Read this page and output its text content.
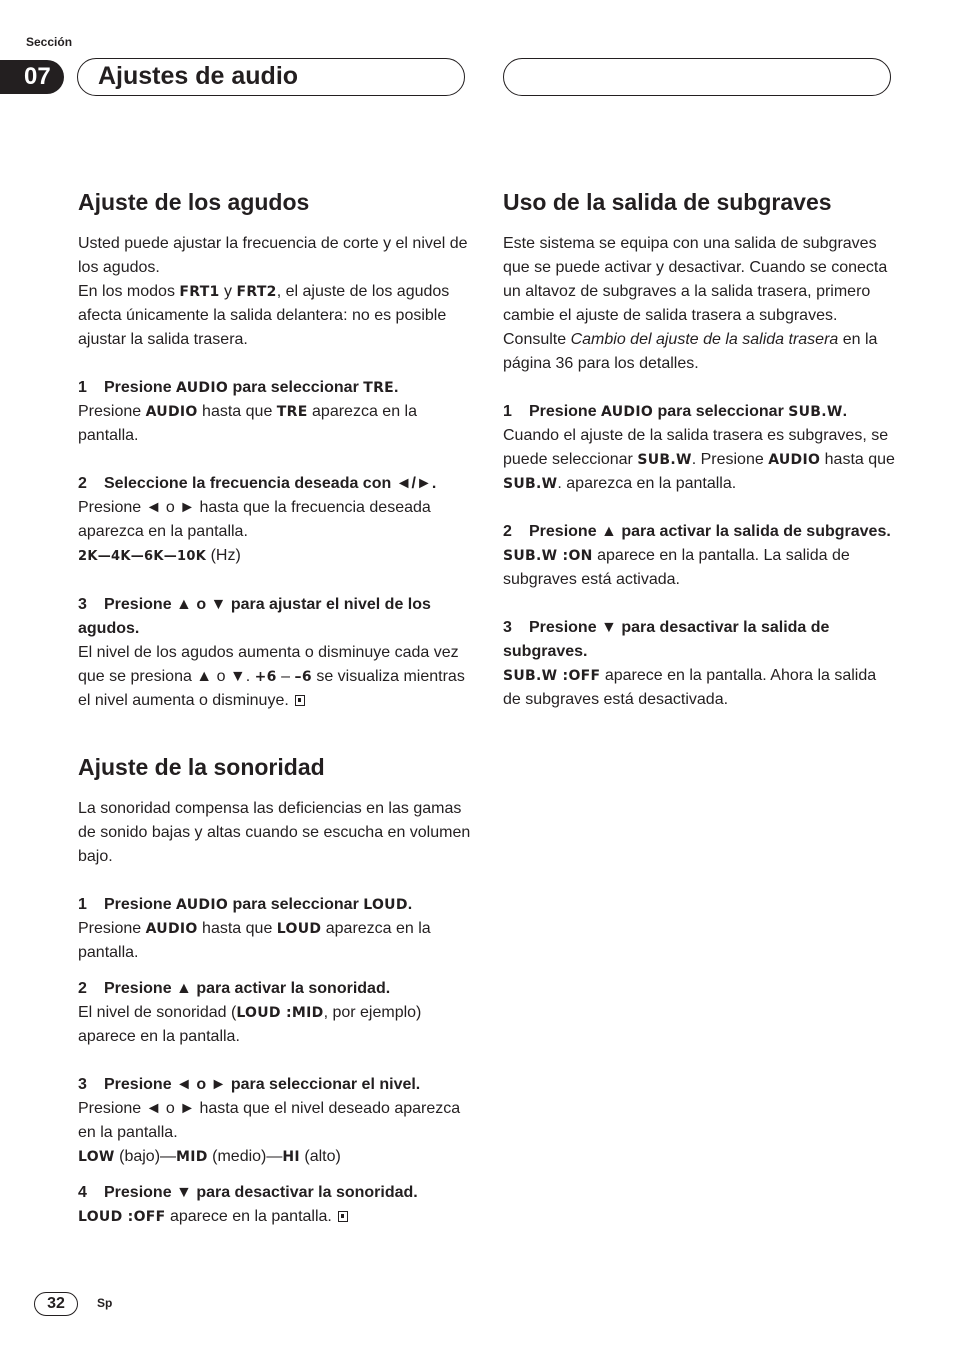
Sección
07	Ajustes de audio
Ajuste de los agudos

Usted puede ajustar la frecuencia de corte y el nivel de los agudos.
En los modos FRT1 y FRT2, el ajuste de los agudos afecta únicamente la salida delantera: no es posible ajustar la salida trasera.

1 Presione AUDIO para seleccionar TRE.

Presione AUDIO hasta que TRE aparezca en la pantalla.

2 Seleccione la frecuencia deseada con ◄/►.

Presione ◄ o ► hasta que la frecuencia deseada aparezca en la pantalla.

2K—4K—6K—10K (Hz)

3 Presione ▲ o ▼ para ajustar el nivel de los agudos.

El nivel de los agudos aumenta o disminuye cada vez que se presiona ▲ o ▼. +6 – –6 se visualiza mientras el nivel aumenta o disminuye.

Ajuste de la sonoridad

La sonoridad compensa las deficiencias en las gamas de sonido bajas y altas cuando se escucha en volumen bajo.

1 Presione AUDIO para seleccionar LOUD.

Presione AUDIO hasta que LOUD aparezca en la pantalla.

2 Presione ▲ para activar la sonoridad.

El nivel de sonoridad (LOUD :MID, por ejemplo) aparece en la pantalla.

3 Presione ◄ o ► para seleccionar el nivel.

Presione ◄ o ► hasta que el nivel deseado aparezca en la pantalla.

LOW (bajo)—MID (medio)—HI (alto)

4 Presione ▼ para desactivar la sonoridad.

LOUD :OFF aparece en la pantalla.

Uso de la salida de subgraves

Este sistema se equipa con una salida de subgraves que se puede activar y desactivar. Cuando se conecta un altavoz de subgraves a la salida trasera, primero cambie el ajuste de salida trasera a subgraves. Consulte Cambio del ajuste de la salida trasera en la página 36 para los detalles.

1 Presione AUDIO para seleccionar SUB.W.

Cuando el ajuste de la salida trasera es subgraves, se puede seleccionar SUB.W. Presione AUDIO hasta que SUB.W. aparezca en la pantalla.

2 Presione ▲ para activar la salida de subgraves.

SUB.W :ON aparece en la pantalla. La salida de subgraves está activada.

3 Presione ▼ para desactivar la salida de subgraves.

SUB.W :OFF aparece en la pantalla. Ahora la salida de subgraves está desactivada.

32	Sp
